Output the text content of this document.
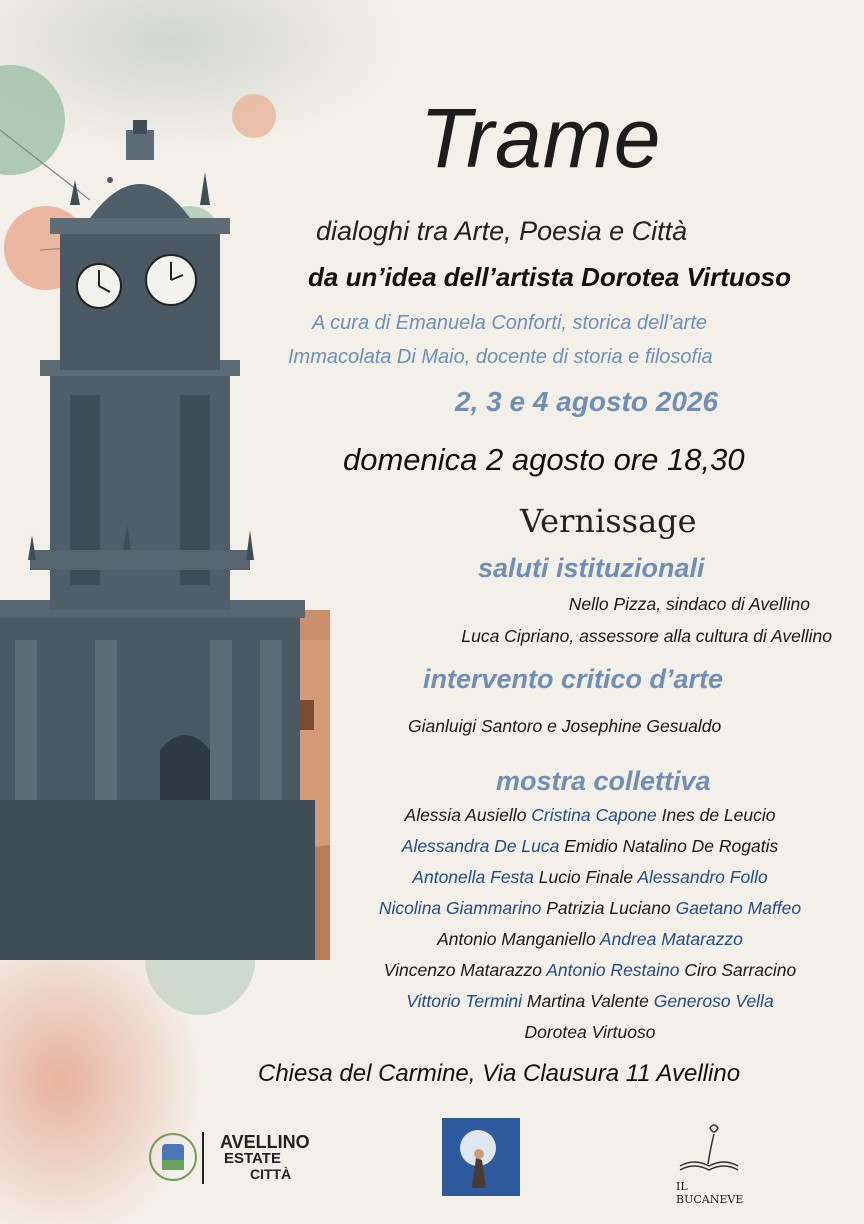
Trame
dialoghi tra Arte, Poesia e Città
da un’idea dell’artista Dorotea Virtuoso
A cura di Emanuela Conforti, storica dell’arte
Immacolata Di Maio, docente di storia e filosofia
2, 3 e 4 agosto 2026
domenica 2 agosto ore 18,30
Vernissage
saluti istituzionali
Nello Pizza, sindaco di Avellino
Luca Cipriano, assessore alla cultura di Avellino
intervento critico d’arte
Gianluigi Santoro e Josephine Gesualdo
mostra collettiva
Alessia Ausiello Cristina Capone Ines de Leucio
Alessandra De Luca Emidio Natalino De Rogatis
Antonella Festa Lucio Finale Alessandro Follo
Nicolina Giammarino Patrizia Luciano Gaetano Maffeo
Antonio Manganiello Andrea Matarazzo
Vincenzo Matarazzo Antonio Restaino Ciro Sarracino
Vittorio Termini Martina Valente Generoso Vella
Dorotea Virtuoso
Chiesa del Carmine, Via Clausura 11 Avellino
AVELLINO
ESTATE
CITTÀ
IL BUCANEVE
